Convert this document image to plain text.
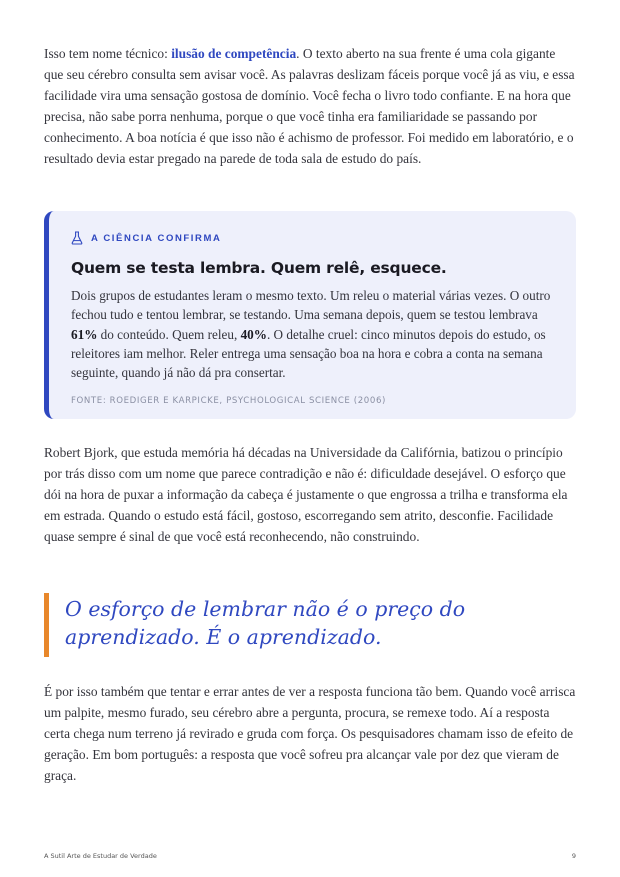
Isso tem nome técnico: ilusão de competência. O texto aberto na sua frente é uma cola gigante que seu cérebro consulta sem avisar você. As palavras deslizam fáceis porque você já as viu, e essa facilidade vira uma sensação gostosa de domínio. Você fecha o livro todo confiante. E na hora que precisa, não sabe porra nenhuma, porque o que você tinha era familiaridade se passando por conhecimento. A boa notícia é que isso não é achismo de professor. Foi medido em laboratório, e o resultado devia estar pregado na parede de toda sala de estudo do país.

A CIÊNCIA CONFIRMA
Quem se testa lembra. Quem relê, esquece.
Dois grupos de estudantes leram o mesmo texto. Um releu o material várias vezes. O outro fechou tudo e tentou lembrar, se testando. Uma semana depois, quem se testou lembrava 61% do conteúdo. Quem releu, 40%. O detalhe cruel: cinco minutos depois do estudo, os releitores iam melhor. Reler entrega uma sensação boa na hora e cobra a conta na semana seguinte, quando já não dá pra consertar.
FONTE: ROEDIGER E KARPICKE, PSYCHOLOGICAL SCIENCE (2006)

Robert Bjork, que estuda memória há décadas na Universidade da Califórnia, batizou o princípio por trás disso com um nome que parece contradição e não é: dificuldade desejável. O esforço que dói na hora de puxar a informação da cabeça é justamente o que engrossa a trilha e transforma ela em estrada. Quando o estudo está fácil, gostoso, escorregando sem atrito, desconfie. Facilidade quase sempre é sinal de que você está reconhecendo, não construindo.

O esforço de lembrar não é o preço do aprendizado. É o aprendizado.

É por isso também que tentar e errar antes de ver a resposta funciona tão bem. Quando você arrisca um palpite, mesmo furado, seu cérebro abre a pergunta, procura, se remexe todo. Aí a resposta certa chega num terreno já revirado e gruda com força. Os pesquisadores chamam isso de efeito de geração. Em bom português: a resposta que você sofreu pra alcançar vale por dez que vieram de graça.

A Sutil Arte de Estudar de Verdade	9
